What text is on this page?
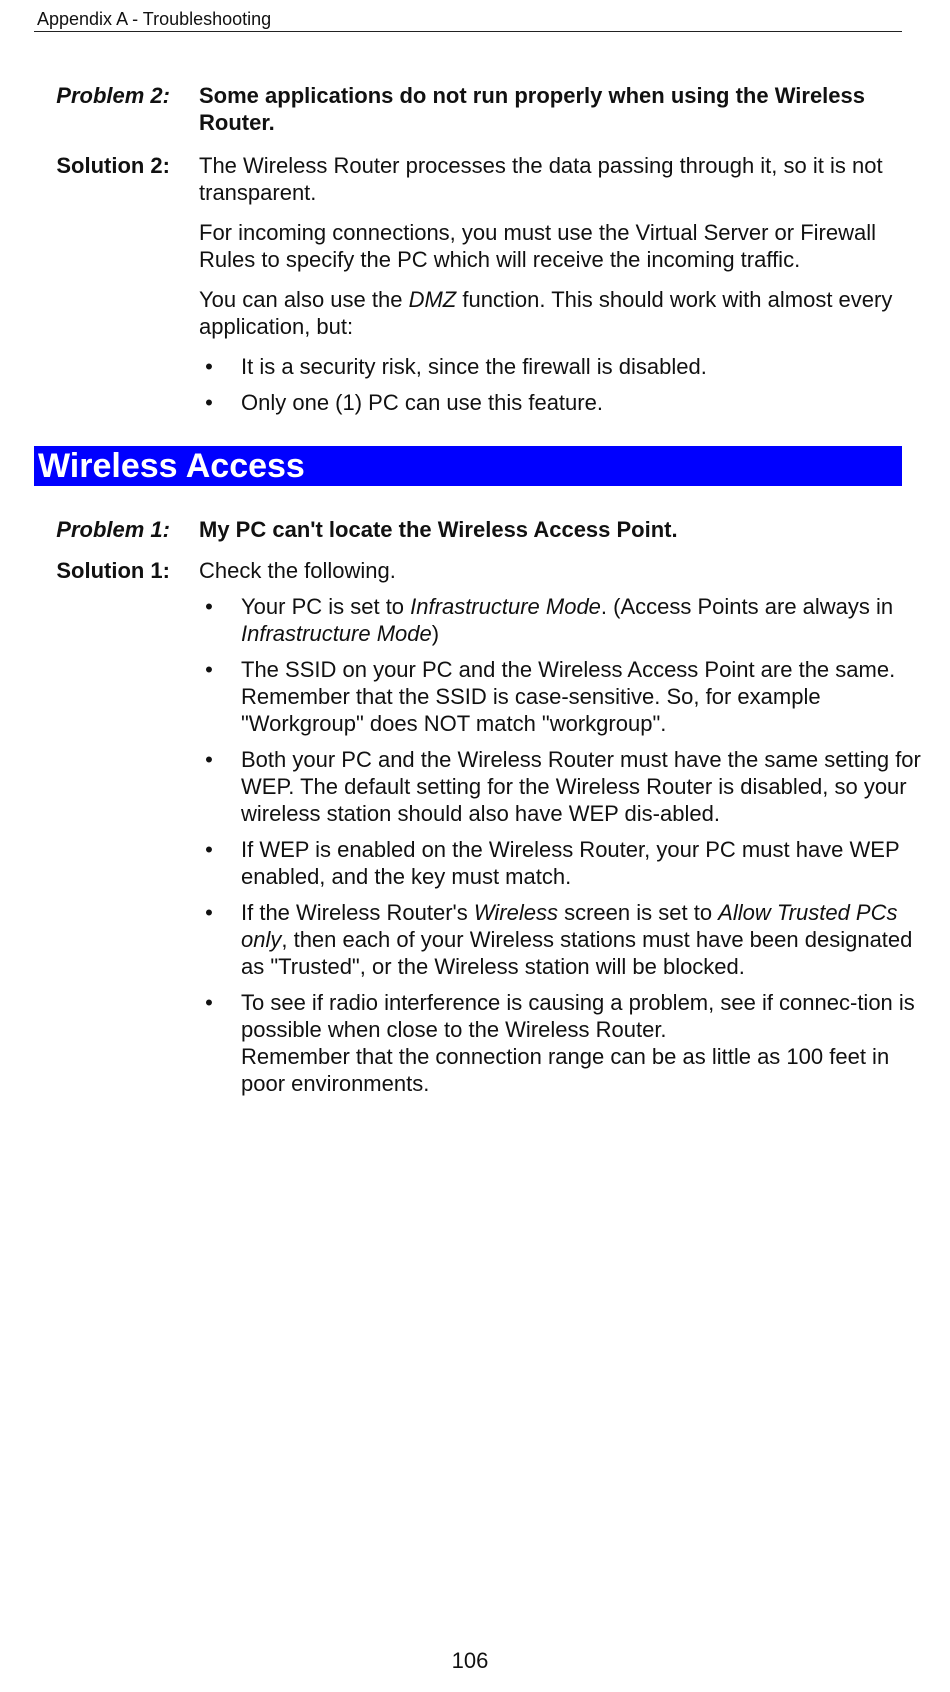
Appendix A - Troubleshooting
Problem 2: Some applications do not run properly when using the Wireless Router.
Solution 2: The Wireless Router processes the data passing through it, so it is not transparent.

For incoming connections, you must use the Virtual Server or Firewall Rules to specify the PC which will receive the incoming traffic.

You can also use the DMZ function. This should work with almost every application, but:

• It is a security risk, since the firewall is disabled.
• Only one (1) PC can use this feature.
Wireless Access
Problem 1: My PC can't locate the Wireless Access Point.
Solution 1: Check the following.

• Your PC is set to Infrastructure Mode. (Access Points are always in Infrastructure Mode)
• The SSID on your PC and the Wireless Access Point are the same.
Remember that the SSID is case-sensitive. So, for example "Workgroup" does NOT match "workgroup".
• Both your PC and the Wireless Router must have the same setting for WEP. The default setting for the Wireless Router is disabled, so your wireless station should also have WEP dis-abled.
• If WEP is enabled on the Wireless Router, your PC must have WEP enabled, and the key must match.
• If the Wireless Router's Wireless screen is set to Allow Trusted PCs only, then each of your Wireless stations must have been designated as "Trusted", or the Wireless station will be blocked.
• To see if radio interference is causing a problem, see if connec-tion is possible when close to the Wireless Router.
Remember that the connection range can be as little as 100 feet in poor environments.
106
